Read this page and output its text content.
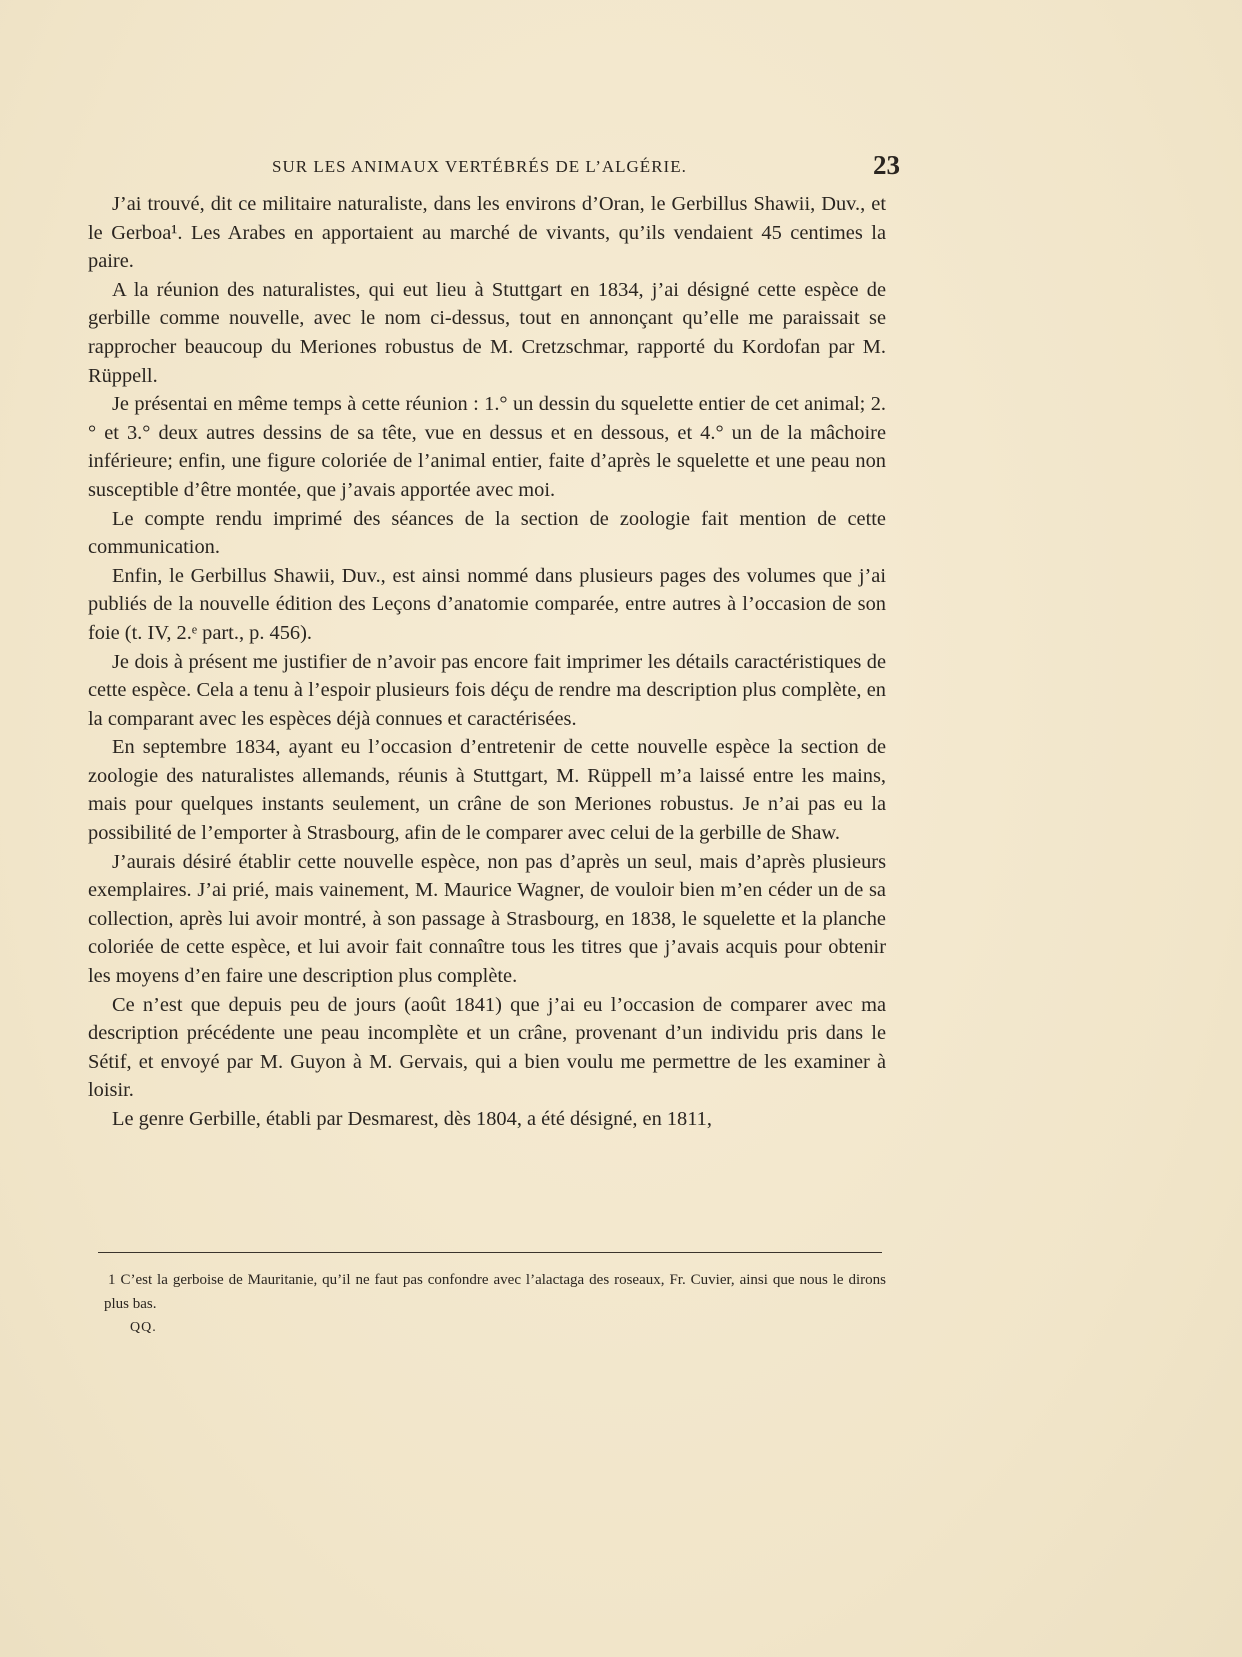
SUR LES ANIMAUX VERTÉBRÉS DE L’ALGÉRIE.	23

J’ai trouvé, dit ce militaire naturaliste, dans les environs d’Oran, le Gerbillus Shawii, Duv., et le Gerboa¹. Les Arabes en apportaient au marché de vivants, qu’ils vendaient 45 centimes la paire.

A la réunion des naturalistes, qui eut lieu à Stuttgart en 1834, j’ai désigné cette espèce de gerbille comme nouvelle, avec le nom ci-dessus, tout en annonçant qu’elle me paraissait se rapprocher beaucoup du Meriones robustus de M. Cretzschmar, rapporté du Kordofan par M. Rüppell.

Je présentai en même temps à cette réunion : 1.° un dessin du squelette entier de cet animal; 2.° et 3.° deux autres dessins de sa tête, vue en dessus et en dessous, et 4.° un de la mâchoire inférieure; enfin, une figure coloriée de l’animal entier, faite d’après le squelette et une peau non susceptible d’être montée, que j’avais apportée avec moi.

Le compte rendu imprimé des séances de la section de zoologie fait mention de cette communication.

Enfin, le Gerbillus Shawii, Duv., est ainsi nommé dans plusieurs pages des volumes que j’ai publiés de la nouvelle édition des Leçons d’anatomie comparée, entre autres à l’occasion de son foie (t. IV, 2.ᵉ part., p. 456).

Je dois à présent me justifier de n’avoir pas encore fait imprimer les détails caractéristiques de cette espèce. Cela a tenu à l’espoir plusieurs fois déçu de rendre ma description plus complète, en la comparant avec les espèces déjà connues et caractérisées.

En septembre 1834, ayant eu l’occasion d’entretenir de cette nouvelle espèce la section de zoologie des naturalistes allemands, réunis à Stuttgart, M. Rüppell m’a laissé entre les mains, mais pour quelques instants seulement, un crâne de son Meriones robustus. Je n’ai pas eu la possibilité de l’emporter à Strasbourg, afin de le comparer avec celui de la gerbille de Shaw.

J’aurais désiré établir cette nouvelle espèce, non pas d’après un seul, mais d’après plusieurs exemplaires. J’ai prié, mais vainement, M. Maurice Wagner, de vouloir bien m’en céder un de sa collection, après lui avoir montré, à son passage à Strasbourg, en 1838, le squelette et la planche coloriée de cette espèce, et lui avoir fait connaître tous les titres que j’avais acquis pour obtenir les moyens d’en faire une description plus complète.

Ce n’est que depuis peu de jours (août 1841) que j’ai eu l’occasion de comparer avec ma description précédente une peau incomplète et un crâne, provenant d’un individu pris dans le Sétif, et envoyé par M. Guyon à M. Gervais, qui a bien voulu me permettre de les examiner à loisir.

Le genre Gerbille, établi par Desmarest, dès 1804, a été désigné, en 1811,

1 C’est la gerboise de Mauritanie, qu’il ne faut pas confondre avec l’alactaga des roseaux, Fr. Cuvier, ainsi que nous le dirons plus bas.

QQ.
